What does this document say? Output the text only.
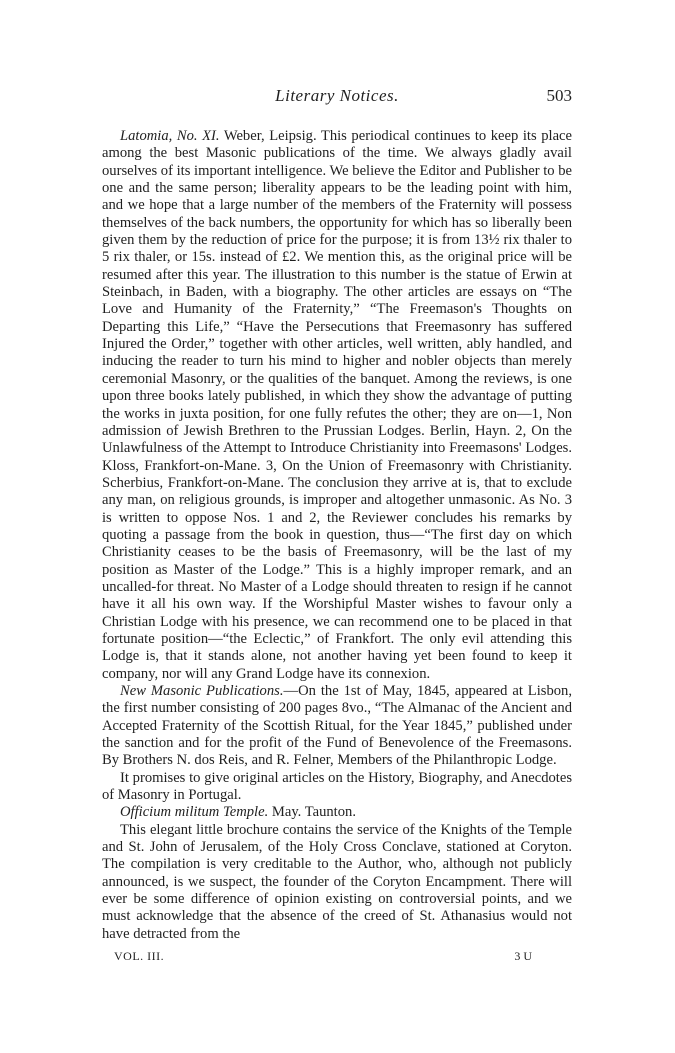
Literary Notices.	503

Latomia, No. XI. Weber, Leipsig. This periodical continues to keep its place among the best Masonic publications of the time. We always gladly avail ourselves of its important intelligence. We believe the Editor and Publisher to be one and the same person; liberality appears to be the leading point with him, and we hope that a large number of the members of the Fraternity will possess themselves of the back numbers, the opportunity for which has so liberally been given them by the reduction of price for the purpose; it is from 13½ rix thaler to 5 rix thaler, or 15s. instead of £2. We mention this, as the original price will be resumed after this year. The illustration to this number is the statue of Erwin at Steinbach, in Baden, with a biography. The other articles are essays on “The Love and Humanity of the Fraternity,” “The Freemason's Thoughts on Departing this Life,” “Have the Persecutions that Freemasonry has suffered Injured the Order,” together with other articles, well written, ably handled, and inducing the reader to turn his mind to higher and nobler objects than merely ceremonial Masonry, or the qualities of the banquet. Among the reviews, is one upon three books lately published, in which they show the advantage of putting the works in juxta position, for one fully refutes the other; they are on—1, Non admission of Jewish Brethren to the Prussian Lodges. Berlin, Hayn. 2, On the Unlawfulness of the Attempt to Introduce Christianity into Freemasons' Lodges. Kloss, Frankfort-on-Mane. 3, On the Union of Freemasonry with Christianity. Scherbius, Frankfort-on-Mane. The conclusion they arrive at is, that to exclude any man, on religious grounds, is improper and altogether unmasonic. As No. 3 is written to oppose Nos. 1 and 2, the Reviewer concludes his remarks by quoting a passage from the book in question, thus—“The first day on which Christianity ceases to be the basis of Freemasonry, will be the last of my position as Master of the Lodge.” This is a highly improper remark, and an uncalled-for threat. No Master of a Lodge should threaten to resign if he cannot have it all his own way. If the Worshipful Master wishes to favour only a Christian Lodge with his presence, we can recommend one to be placed in that fortunate position—“the Eclectic,” of Frankfort. The only evil attending this Lodge is, that it stands alone, not another having yet been found to keep it company, nor will any Grand Lodge have its connexion.

New Masonic Publications.—On the 1st of May, 1845, appeared at Lisbon, the first number consisting of 200 pages 8vo., “The Almanac of the Ancient and Accepted Fraternity of the Scottish Ritual, for the Year 1845,” published under the sanction and for the profit of the Fund of Benevolence of the Freemasons. By Brothers N. dos Reis, and R. Felner, Members of the Philanthropic Lodge.

It promises to give original articles on the History, Biography, and Anecdotes of Masonry in Portugal.

Officium militum Temple. May. Taunton.

This elegant little brochure contains the service of the Knights of the Temple and St. John of Jerusalem, of the Holy Cross Conclave, stationed at Coryton. The compilation is very creditable to the Author, who, although not publicly announced, is we suspect, the founder of the Coryton Encampment. There will ever be some difference of opinion existing on controversial points, and we must acknowledge that the absence of the creed of St. Athanasius would not have detracted from the

VOL. III.	3 U
